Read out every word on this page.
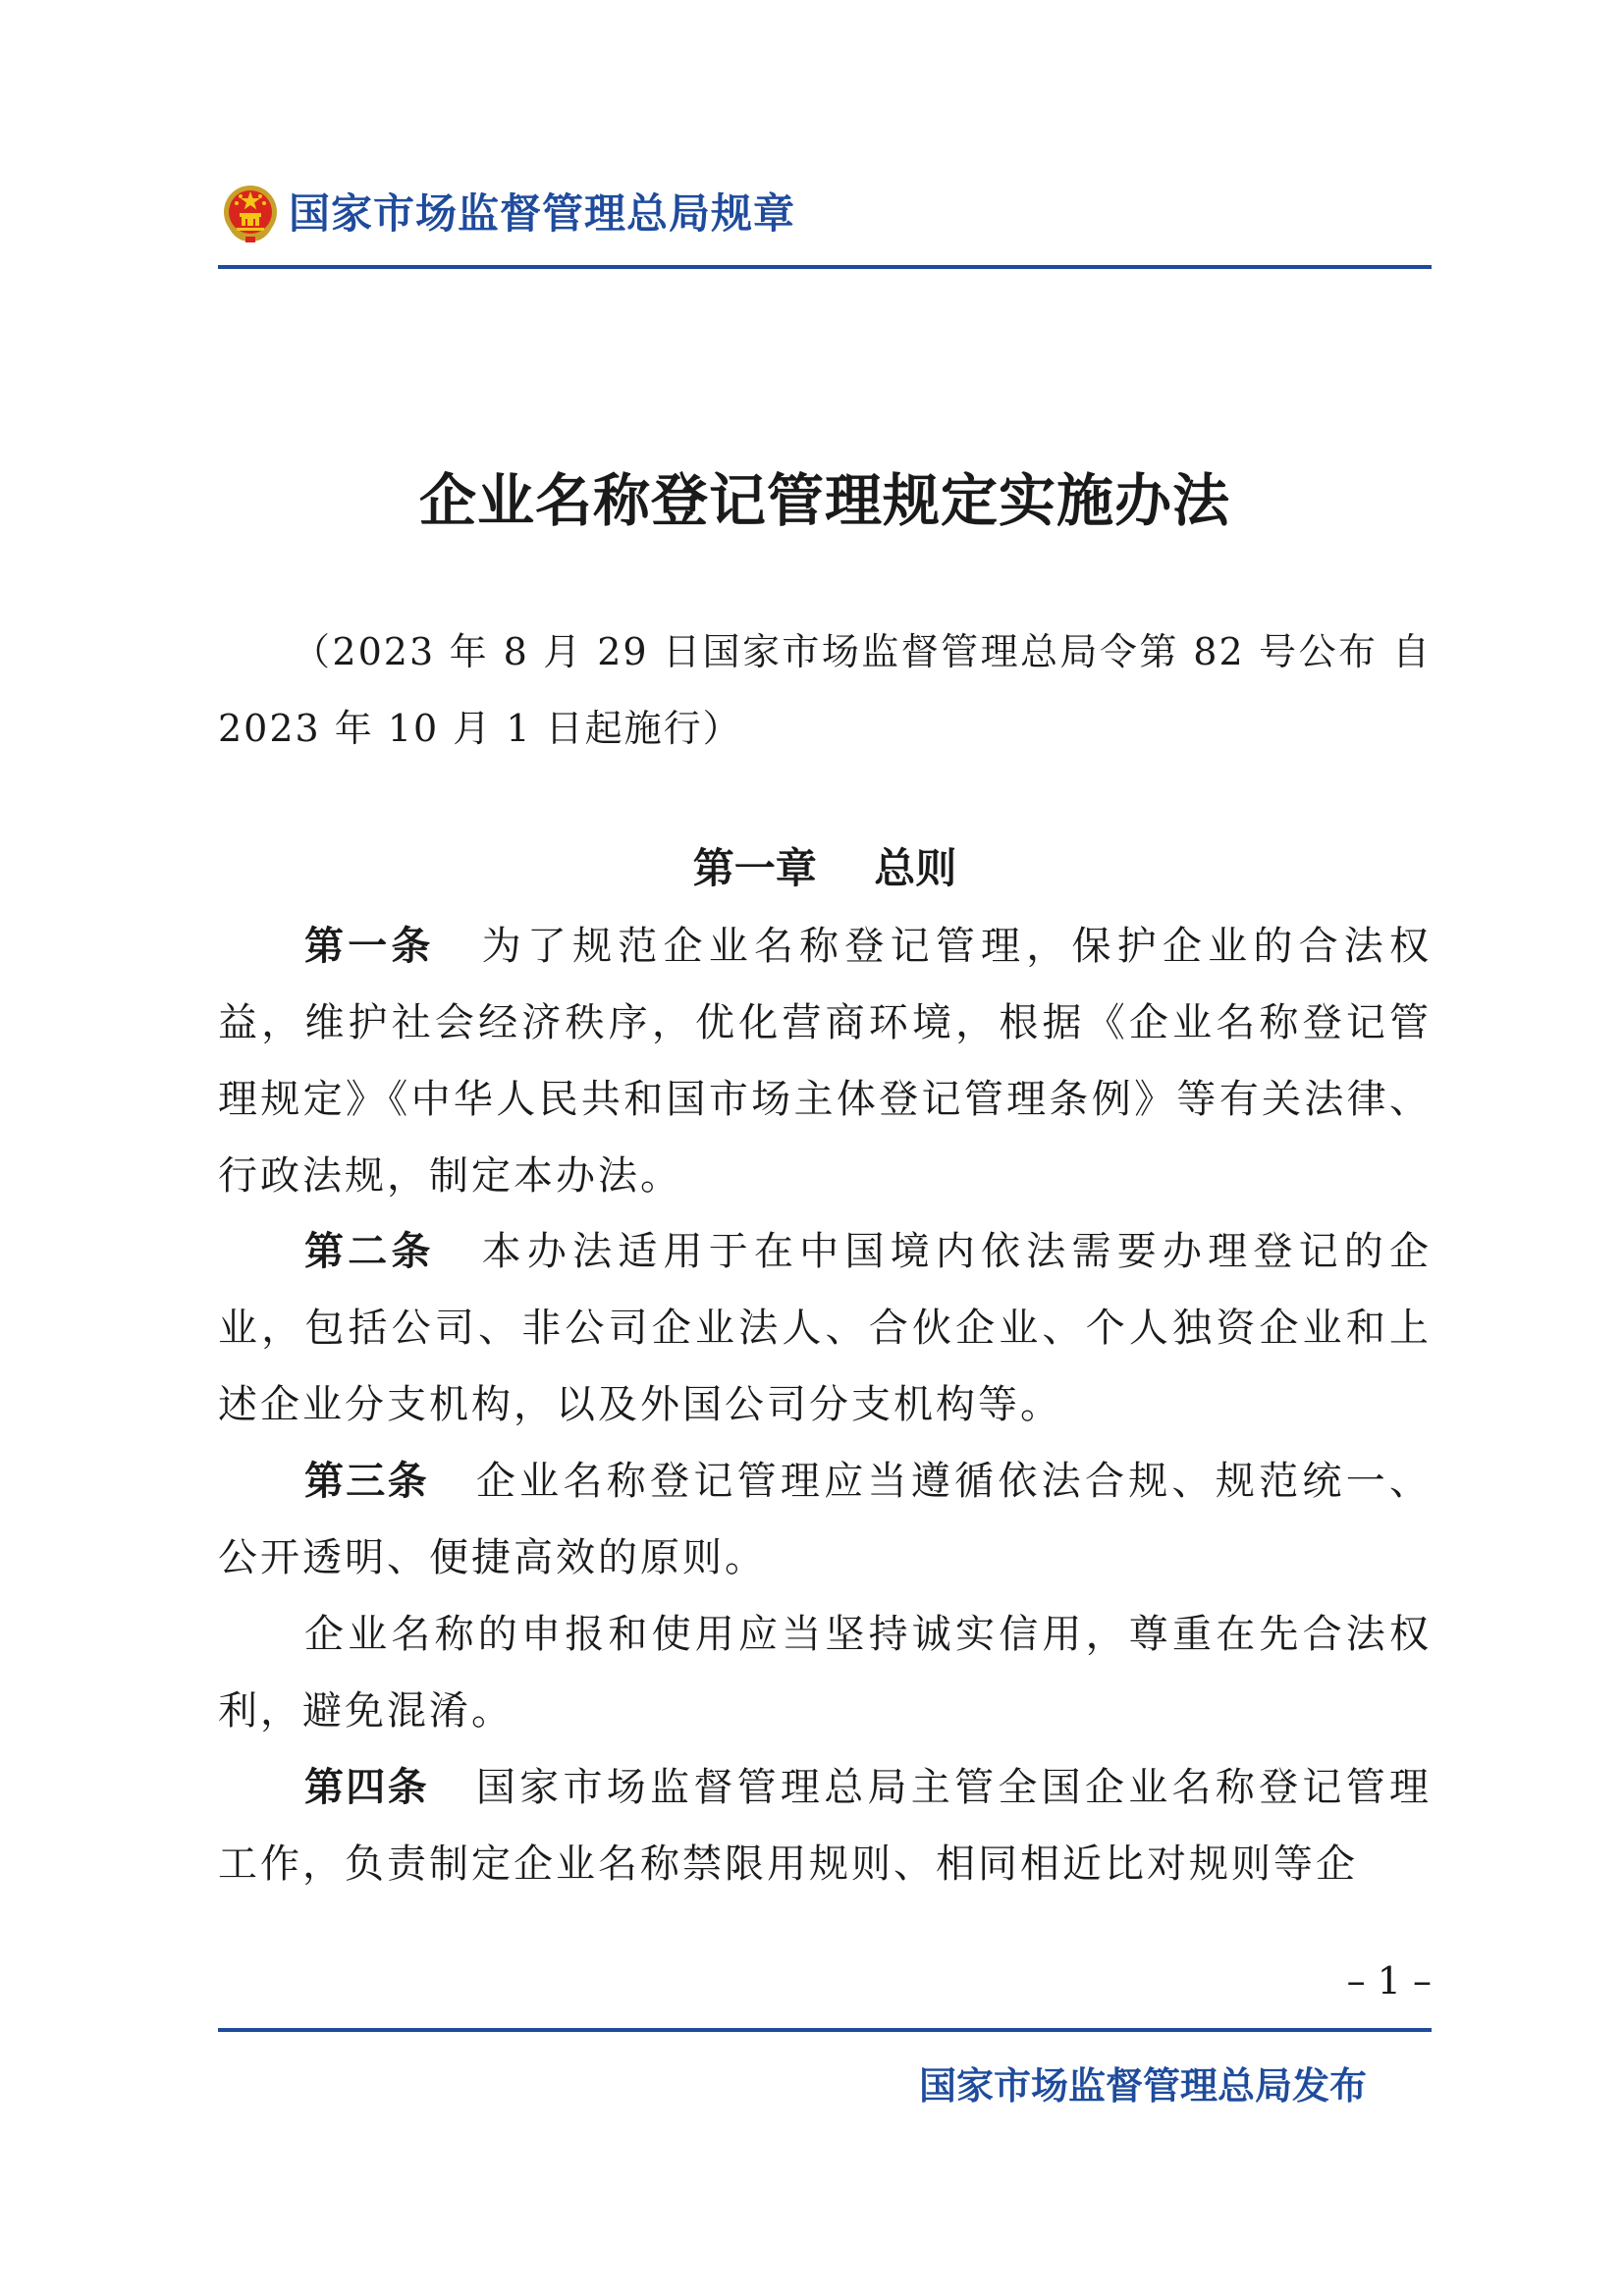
国家市场监督管理总局规章
企业名称登记管理规定实施办法
（2023 年 8 月 29 日国家市场监督管理总局令第 82 号公布 自 2023 年 10 月 1 日起施行）
第一章    总则

第一条 为了规范企业名称登记管理，保护企业的合法权益，维护社会经济秩序，优化营商环境，根据《企业名称登记管理规定》《中华人民共和国市场主体登记管理条例》等有关法律、行政法规，制定本办法。

第二条 本办法适用于在中国境内依法需要办理登记的企业，包括公司、非公司企业法人、合伙企业、个人独资企业和上述企业分支机构，以及外国公司分支机构等。

第三条 企业名称登记管理应当遵循依法合规、规范统一、公开透明、便捷高效的原则。

企业名称的申报和使用应当坚持诚实信用，尊重在先合法权利，避免混淆。

第四条 国家市场监督管理总局主管全国企业名称登记管理工作，负责制定企业名称禁限用规则、相同相近比对规则等企

– 1 –
国家市场监督管理总局发布
